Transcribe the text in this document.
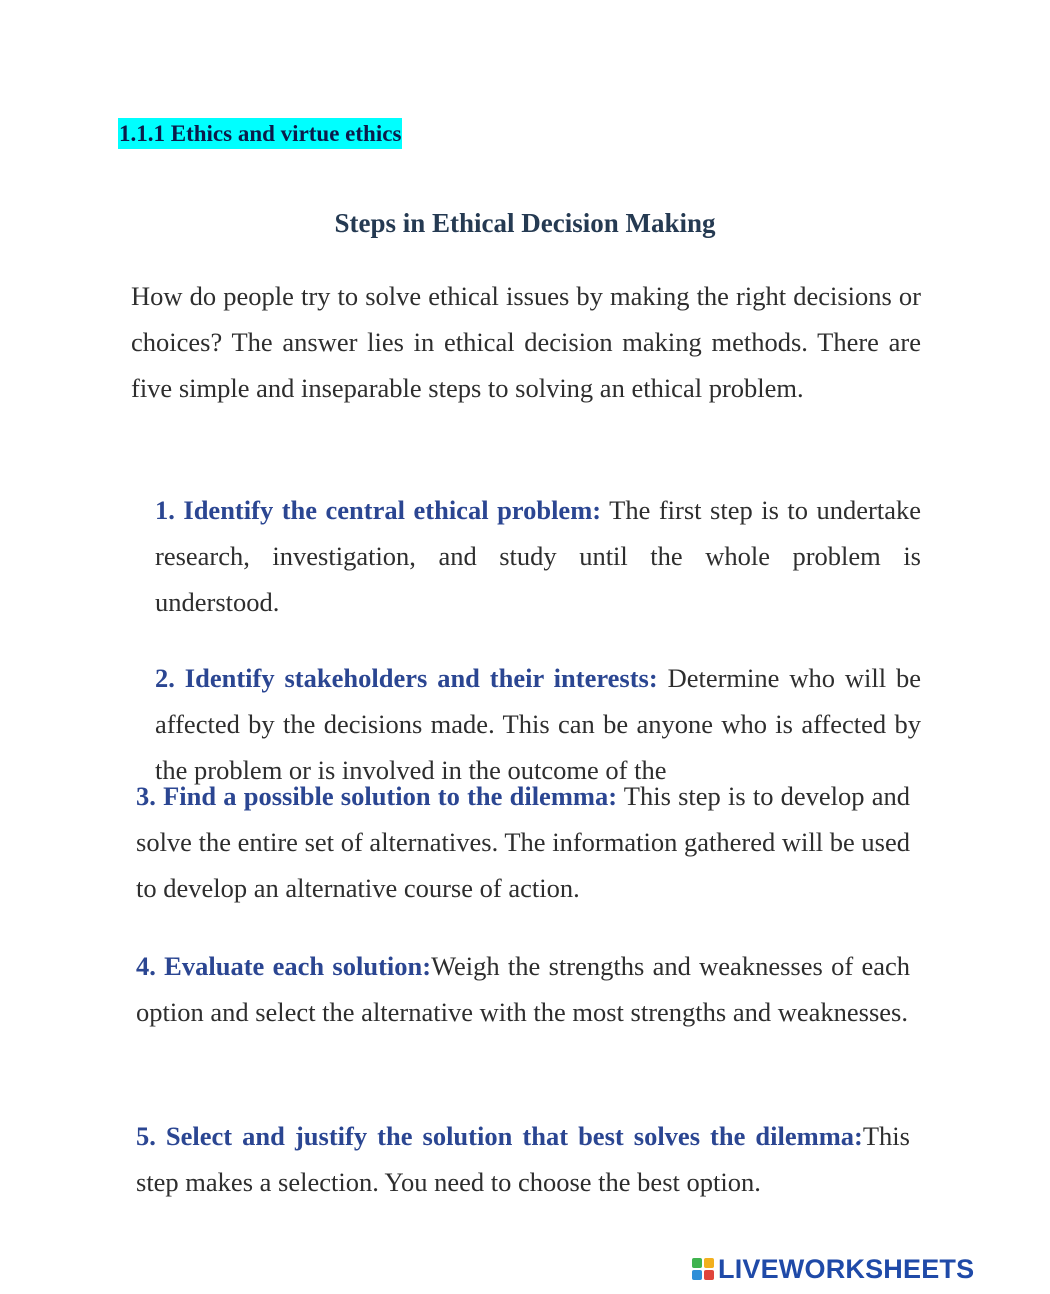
1.1.1 Ethics and virtue ethics
Steps in Ethical Decision Making
How do people try to solve ethical issues by making the right decisions or choices? The answer lies in ethical decision making methods. There are five simple and inseparable steps to solving an ethical problem.
1. Identify the central ethical problem: The first step is to undertake research, investigation, and study until the whole problem is understood.
2. Identify stakeholders and their interests: Determine who will be affected by the decisions made. This can be anyone who is affected by the problem or is involved in the outcome of the
3. Find a possible solution to the dilemma: This step is to develop and solve the entire set of alternatives. The information gathered will be used to develop an alternative course of action.
4. Evaluate each solution:Weigh the strengths and weaknesses of each option and select the alternative with the most strengths and weaknesses.
5. Select and justify the solution that best solves the dilemma:This step makes a selection. You need to choose the best option.
LIVEWORKSHEETS
